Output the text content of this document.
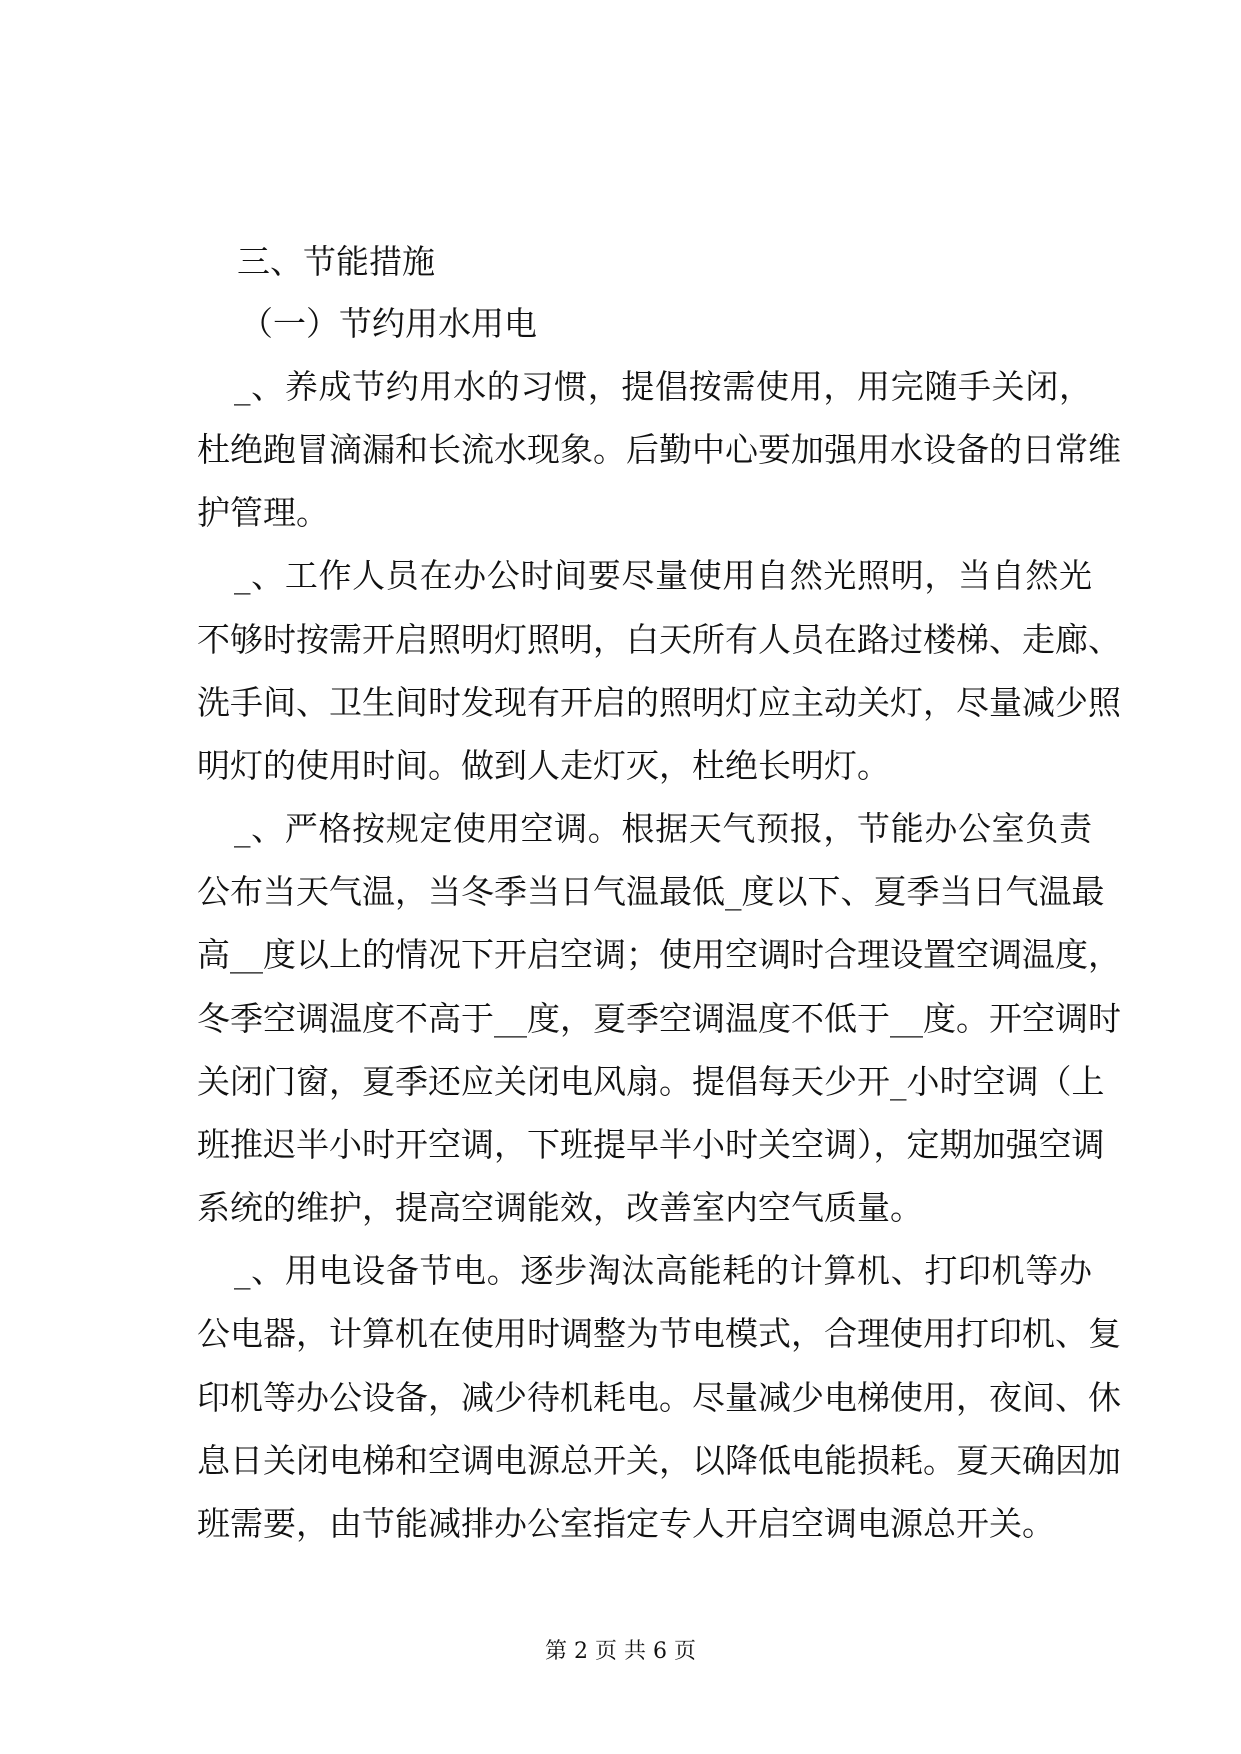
三、节能措施
（一）节约用水用电
_、养成节约用水的习惯，提倡按需使用，用完随手关闭，
杜绝跑冒滴漏和长流水现象。后勤中心要加强用水设备的日常维
护管理。
_、工作人员在办公时间要尽量使用自然光照明，当自然光
不够时按需开启照明灯照明，白天所有人员在路过楼梯、走廊、
洗手间、卫生间时发现有开启的照明灯应主动关灯，尽量减少照
明灯的使用时间。做到人走灯灭，杜绝长明灯。
_、严格按规定使用空调。根据天气预报，节能办公室负责
公布当天气温，当冬季当日气温最低_度以下、夏季当日气温最
高__度以上的情况下开启空调；使用空调时合理设置空调温度，
冬季空调温度不高于__度，夏季空调温度不低于__度。开空调时
关闭门窗，夏季还应关闭电风扇。提倡每天少开_小时空调（上
班推迟半小时开空调，下班提早半小时关空调），定期加强空调
系统的维护，提高空调能效，改善室内空气质量。
_、用电设备节电。逐步淘汰高能耗的计算机、打印机等办
公电器，计算机在使用时调整为节电模式，合理使用打印机、复
印机等办公设备，减少待机耗电。尽量减少电梯使用，夜间、休
息日关闭电梯和空调电源总开关，以降低电能损耗。夏天确因加
班需要，由节能减排办公室指定专人开启空调电源总开关。
第 2 页 共 6 页
